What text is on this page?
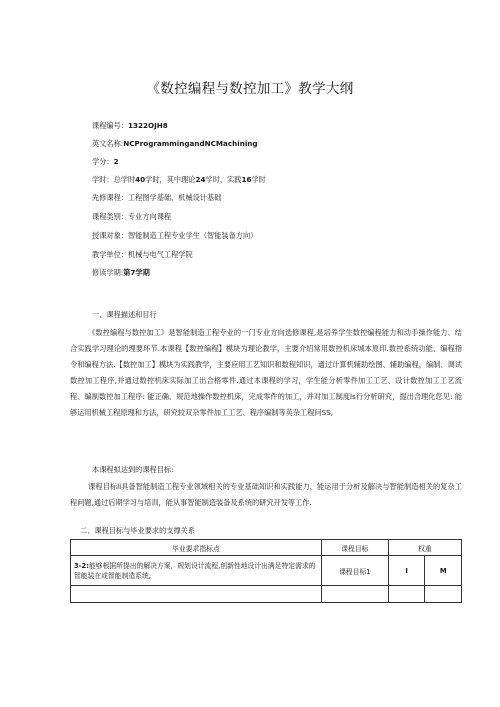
《数控编程与数控加工》教学大纲
课程编号：1322OJH8
英文名称:NCProgrammingandNCMachining
学分：2
学时：总学时40学时，其中理论24学时，实践16学时
先修课程：工程图学基础、机械设计基础
课程类别：专业方向课程
授课对象：智能制造工程专业学生（智能装备方向）
教学单位：机械与电气工程学院
修读学期:第7学期
一、课程描述和目行
《数控编程与数控加工》是智能制造工程专业的一门专业方向选修课程,是培养学生数控编程能力和动手操作能力、结合实践学习理论的理要环节.本课程【数控编程】模块为理论教学，主要介绍常用数控机床城本原印.数控系统功能、编程指令和编程方法.【数控加工】模块为实践教学，主要应用工艺知识和数程知识，通过计算机辅助绘图、辅助编程，编制、调试数控加工程序,并通过数控机床实际加工出合格零件.通过本课程的学习，学生能分析零件加工工艺、设计数控加工工艺流程、编制数控加工程序: 能正确、规范地操作数控机床，完成零件的加工，并对加工制度ls行分析研究，提出合理化您见: 能够运用机械工程原理和方法，研究较双杂零件加工工艺、程序编制等英杂工程问SS,
本课程拟达到的课程目标:
课程目标ll具备智能制造工程专业领域相关的专业基础知识和实践能力，能运用于分析及解决与智能制造相关的复杂工程问题,通过后期学习与培训，能从事智能制造装备及系统的研究开发等工作.
二、课程目标与毕业要求的支撑关系
毕业要求指标点	课程目标	权重	
3-2:能够根据所提出的解决方案，规划设计流程,创新性地设计出满足特定需求的智能装在或智能制造系统,	课程目标1	I	M
